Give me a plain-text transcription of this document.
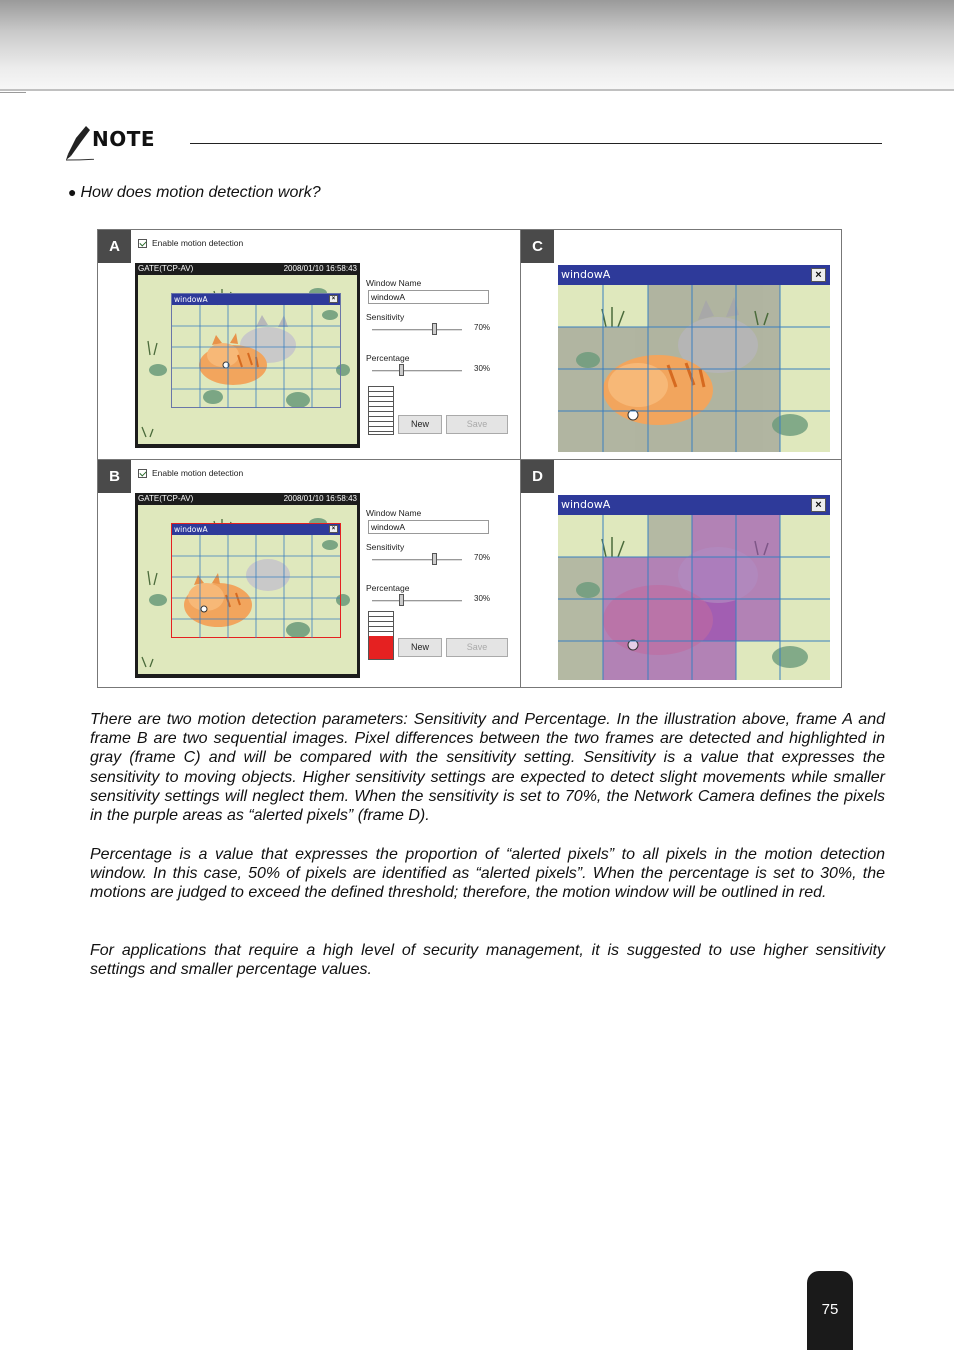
NOTE
● How does motion detection work?
A	Enable motion detection
GATE(TCP-AV)	2008/01/10 16:58:43
windowA	×
Window Name
windowA
Sensitivity
70%
Percentage
30%
New	Save
B	Enable motion detection
GATE(TCP-AV)	2008/01/10 16:58:43
windowA	×
Window Name
windowA
Sensitivity
70%
Percentage
30%
New	Save
C
windowA	×
D
windowA	×

There are two motion detection parameters: Sensitivity and Percentage. In the illustration above, frame A and frame B are two sequential images. Pixel differences between the two frames are detected and highlighted in gray (frame C) and will be compared with the sensitivity setting. Sensitivity is a value that expresses the sensitivity to moving objects. Higher sensitivity settings are expected to detect slight movements while smaller sensitivity settings will neglect them. When the sensitivity is set to 70%, the Network Camera defines the pixels in the purple areas as “alerted pixels” (frame D).

Percentage is a value that expresses the proportion of “alerted pixels” to all pixels in the motion detection window. In this case, 50% of pixels are identified as “alerted pixels”. When the percentage is set to 30%, the motions are judged to exceed the defined threshold; therefore, the motion window will be outlined in red.

For applications that require a high level of security management, it is suggested to use higher sensitivity settings and smaller percentage values.

75
